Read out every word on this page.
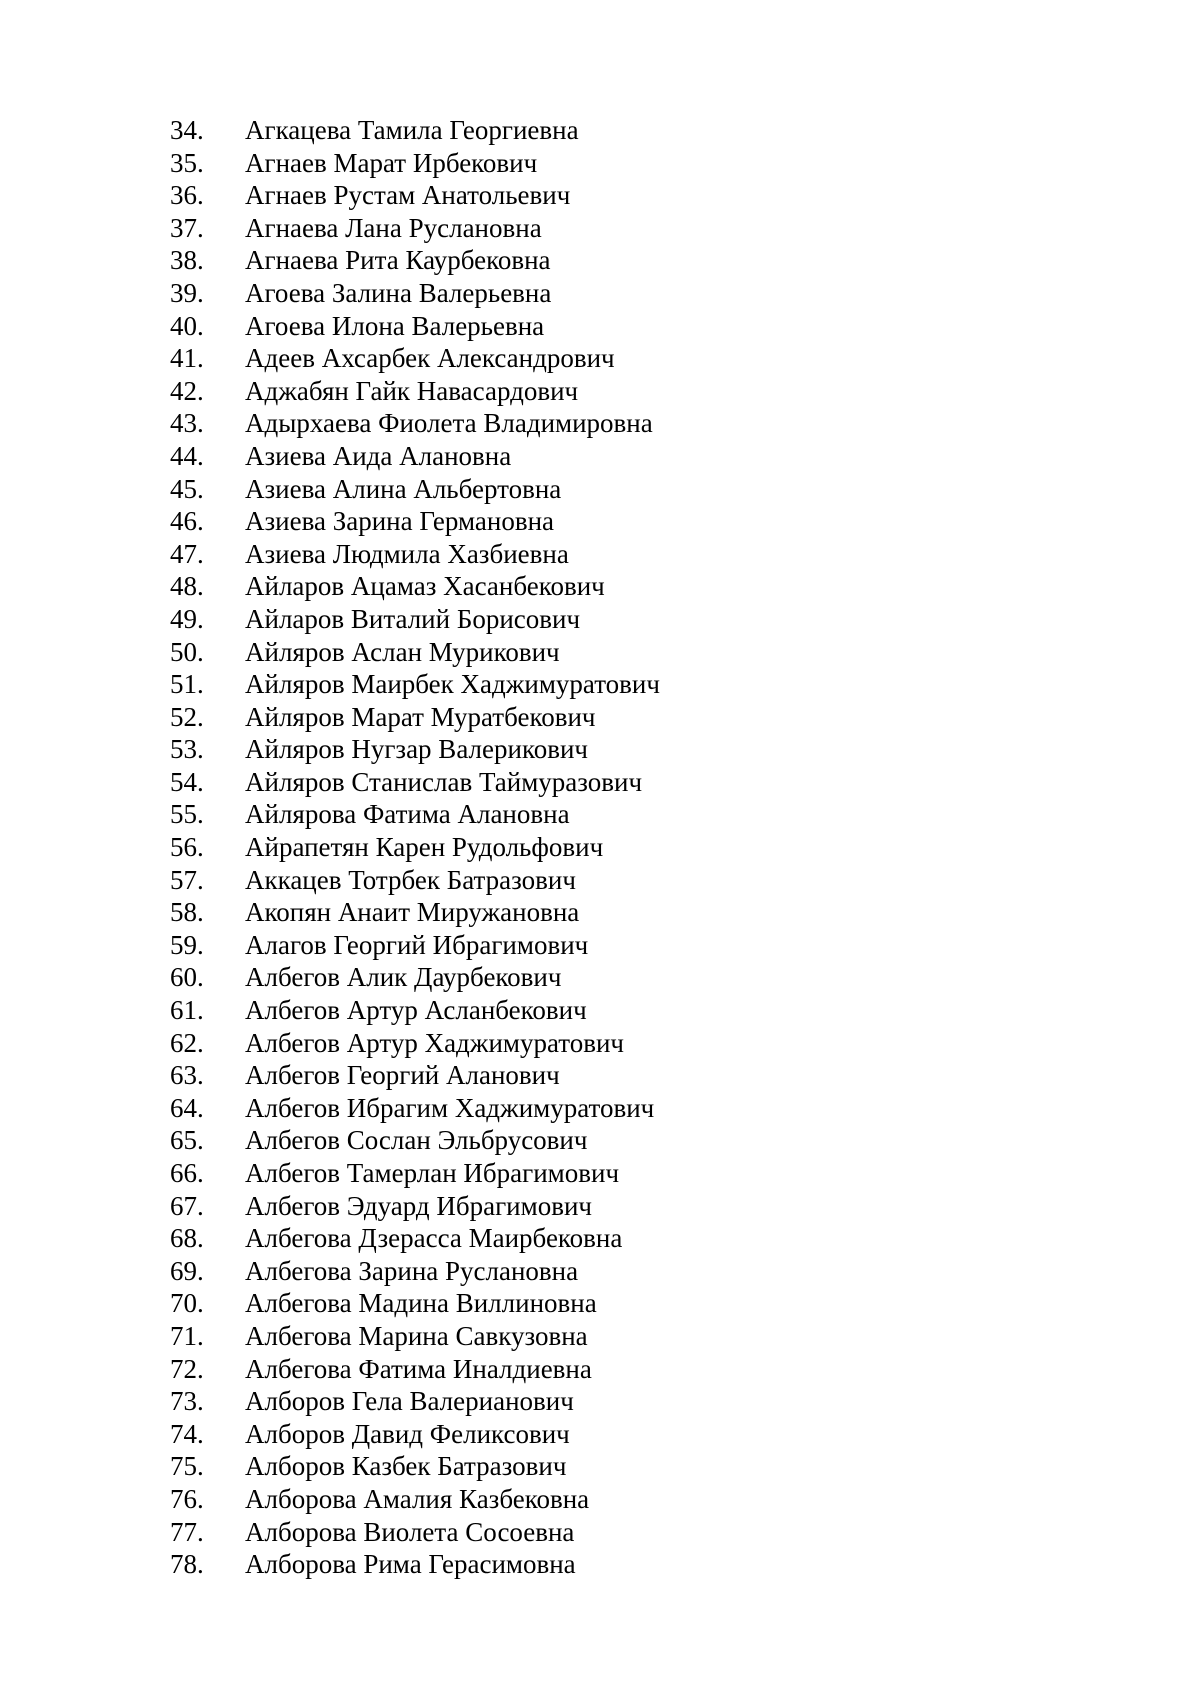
34.	Агкацева Тамила Георгиевна
35.	Агнаев Марат Ирбекович
36.	Агнаев Рустам Анатольевич
37.	Агнаева Лана Руслановна
38.	Агнаева Рита Каурбековна
39.	Агоева Залина Валерьевна
40.	Агоева Илона Валерьевна
41.	Адеев Ахсарбек Александрович
42.	Аджабян Гайк Навасардович
43.	Адырхаева Фиолета Владимировна
44.	Азиева Аида Алановна
45.	Азиева Алина Альбертовна
46.	Азиева Зарина Германовна
47.	Азиева Людмила Хазбиевна
48.	Айларов Ацамаз Хасанбекович
49.	Айларов Виталий Борисович
50.	Айляров Аслан Мурикович
51.	Айляров Маирбек Хаджимуратович
52.	Айляров Марат Муратбекович
53.	Айляров Нугзар Валерикович
54.	Айляров Станислав Таймуразович
55.	Айлярова Фатима Алановна
56.	Айрапетян Карен Рудольфович
57.	Аккацев Тотрбек Батразович
58.	Акопян Анаит Миружановна
59.	Алагов Георгий Ибрагимович
60.	Албегов Алик Даурбекович
61.	Албегов Артур Асланбекович
62.	Албегов Артур Хаджимуратович
63.	Албегов Георгий Аланович
64.	Албегов Ибрагим Хаджимуратович
65.	Албегов Сослан Эльбрусович
66.	Албегов Тамерлан Ибрагимович
67.	Албегов Эдуард Ибрагимович
68.	Албегова Дзерасса Маирбековна
69.	Албегова Зарина Руслановна
70.	Албегова Мадина Виллиновна
71.	Албегова Марина Савкузовна
72.	Албегова Фатима Иналдиевна
73.	Алборов Гела Валерианович
74.	Алборов Давид Феликсович
75.	Алборов Казбек Батразович
76.	Алборова Амалия Казбековна
77.	Алборова Виолета Сосоевна
78.	Алборова Рима Герасимовна
